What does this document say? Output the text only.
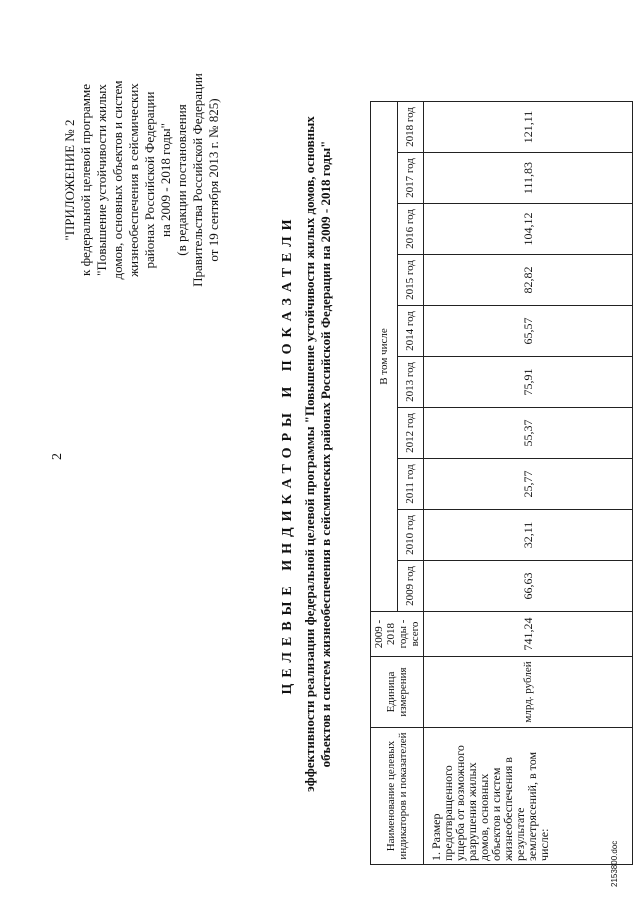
2
"ПРИЛОЖЕНИЕ № 2 к федеральной целевой программе "Повышение устойчивости жилых домов, основных объектов и систем жизнеобеспечения в сейсмических районах Российской Федерации на 2009 - 2018 годы" (в редакции постановления Правительства Российской Федерации от 19 сентября 2013 г. № 825)
ЦЕЛЕВЫЕ ИНДИКАТОРЫ И ПОКАЗАТЕЛИ эффективности реализации федеральной целевой программы "Повышение устойчивости жилых домов, основных объектов и систем жизнеобеспечения в сейсмических районах Российской Федерации на 2009 - 2018 годы"
Наименование целевых индикаторов и показателей	Единица измерения	2009 - 2018 годы - всего	В том числе									
			2009 год	2010 год	2011 год	2012 год	2013 год	2014 год	2015 год	2016 год	2017 год	2018 год
1. Размер предотвращенного ущерба от возможного разрушения жилых домов, основных объектов и систем жизнеобеспечения в результате землетрясений, в том числе:	млрд. рублей	741,24	66,63	32,11	25,77	55,37	75,91	65,57	82,82	104,12	111,83	121,11
2153800.doc
